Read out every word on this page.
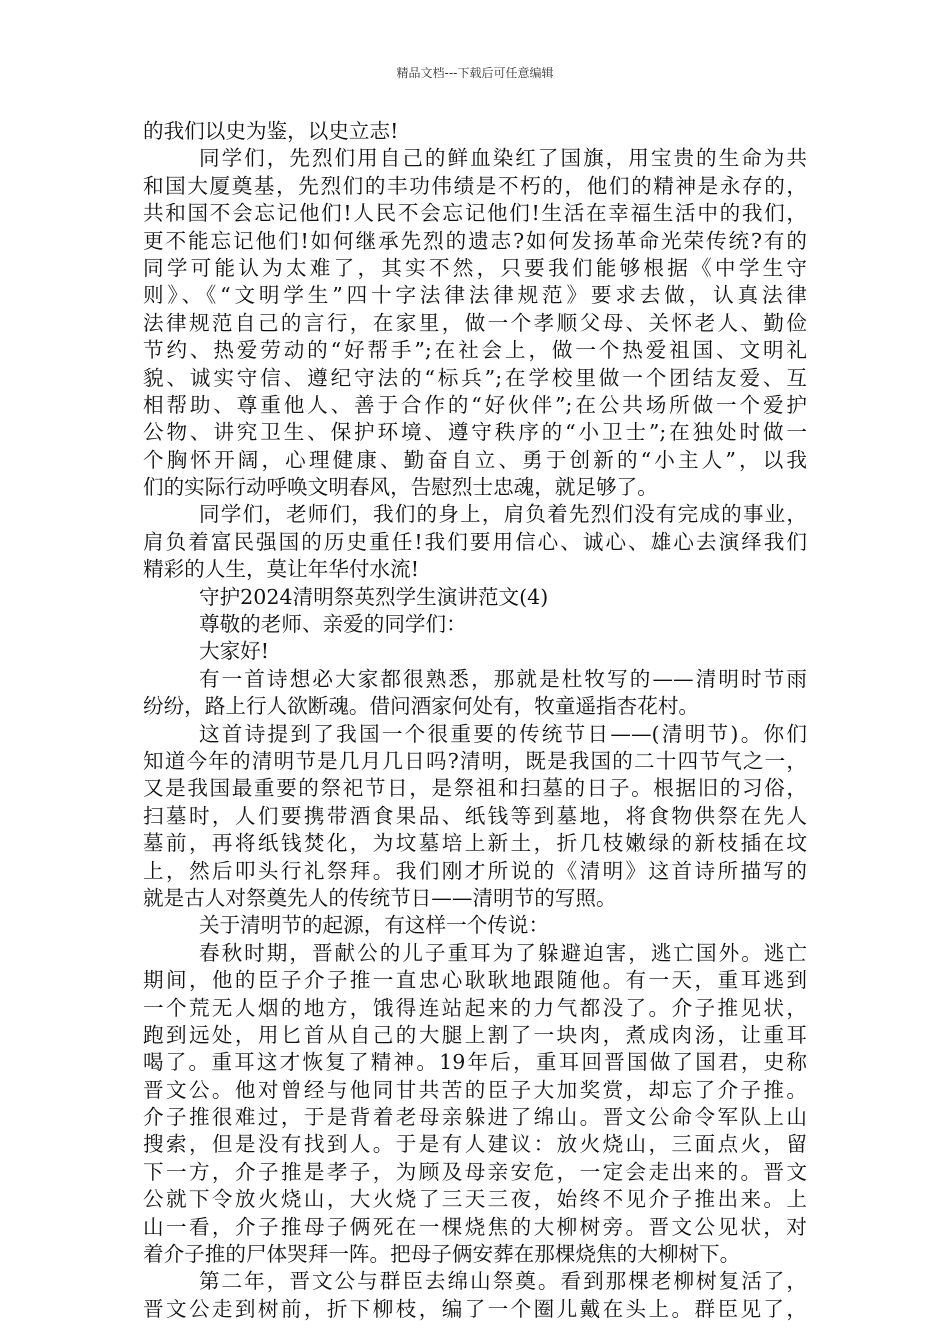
精品文档---下载后可任意编辑
的我们以史为鉴，以史立志!
同学们，先烈们用自己的鲜血染红了国旗，用宝贵的生命为共
和国大厦奠基，先烈们的丰功伟绩是不朽的，他们的精神是永存的，
共和国不会忘记他们!人民不会忘记他们!生活在幸福生活中的我们，
更不能忘记他们!如何继承先烈的遗志?如何发扬革命光荣传统?有的
同学可能认为太难了，其实不然，只要我们能够根据《中学生守
则》、《“文明学生”四十字法律法律规范》要求去做，认真法律
法律规范自己的言行，在家里，做一个孝顺父母、关怀老人、勤俭
节约、热爱劳动的“好帮手”;在社会上，做一个热爱祖国、文明礼
貌、诚实守信、遵纪守法的“标兵”;在学校里做一个团结友爱、互
相帮助、尊重他人、善于合作的“好伙伴”;在公共场所做一个爱护
公物、讲究卫生、保护环境、遵守秩序的“小卫士”;在独处时做一
个胸怀开阔，心理健康、勤奋自立、勇于创新的“小主人”，以我
们的实际行动呼唤文明春风，告慰烈士忠魂，就足够了。
同学们，老师们，我们的身上，肩负着先烈们没有完成的事业，
肩负着富民强国的历史重任!我们要用信心、诚心、雄心去演绎我们
精彩的人生，莫让年华付水流!
守护2024清明祭英烈学生演讲范文(4)
尊敬的老师、亲爱的同学们：
大家好!
有一首诗想必大家都很熟悉，那就是杜牧写的——清明时节雨
纷纷，路上行人欲断魂。借问酒家何处有，牧童遥指杏花村。
这首诗提到了我国一个很重要的传统节日——(清明节)。你们
知道今年的清明节是几月几日吗?清明，既是我国的二十四节气之一，
又是我国最重要的祭祀节日，是祭祖和扫墓的日子。根据旧的习俗，
扫墓时，人们要携带酒食果品、纸钱等到墓地，将食物供祭在先人
墓前，再将纸钱焚化，为坟墓培上新土，折几枝嫩绿的新枝插在坟
上，然后叩头行礼祭拜。我们刚才所说的《清明》这首诗所描写的
就是古人对祭奠先人的传统节日——清明节的写照。
关于清明节的起源，有这样一个传说：
春秋时期，晋献公的儿子重耳为了躲避迫害，逃亡国外。逃亡
期间，他的臣子介子推一直忠心耿耿地跟随他。有一天，重耳逃到
一个荒无人烟的地方，饿得连站起来的力气都没了。介子推见状，
跑到远处，用匕首从自己的大腿上割了一块肉，煮成肉汤，让重耳
喝了。重耳这才恢复了精神。19年后，重耳回晋国做了国君，史称
晋文公。他对曾经与他同甘共苦的臣子大加奖赏，却忘了介子推。
介子推很难过，于是背着老母亲躲进了绵山。晋文公命令军队上山
搜索，但是没有找到人。于是有人建议：放火烧山，三面点火，留
下一方，介子推是孝子，为顾及母亲安危，一定会走出来的。晋文
公就下令放火烧山，大火烧了三天三夜，始终不见介子推出来。上
山一看，介子推母子俩死在一棵烧焦的大柳树旁。晋文公见状，对
着介子推的尸体哭拜一阵。把母子俩安葬在那棵烧焦的大柳树下。
第二年，晋文公与群臣去绵山祭奠。看到那棵老柳树复活了，
晋文公走到树前，折下柳枝，编了一个圈儿戴在头上。群臣见了，
